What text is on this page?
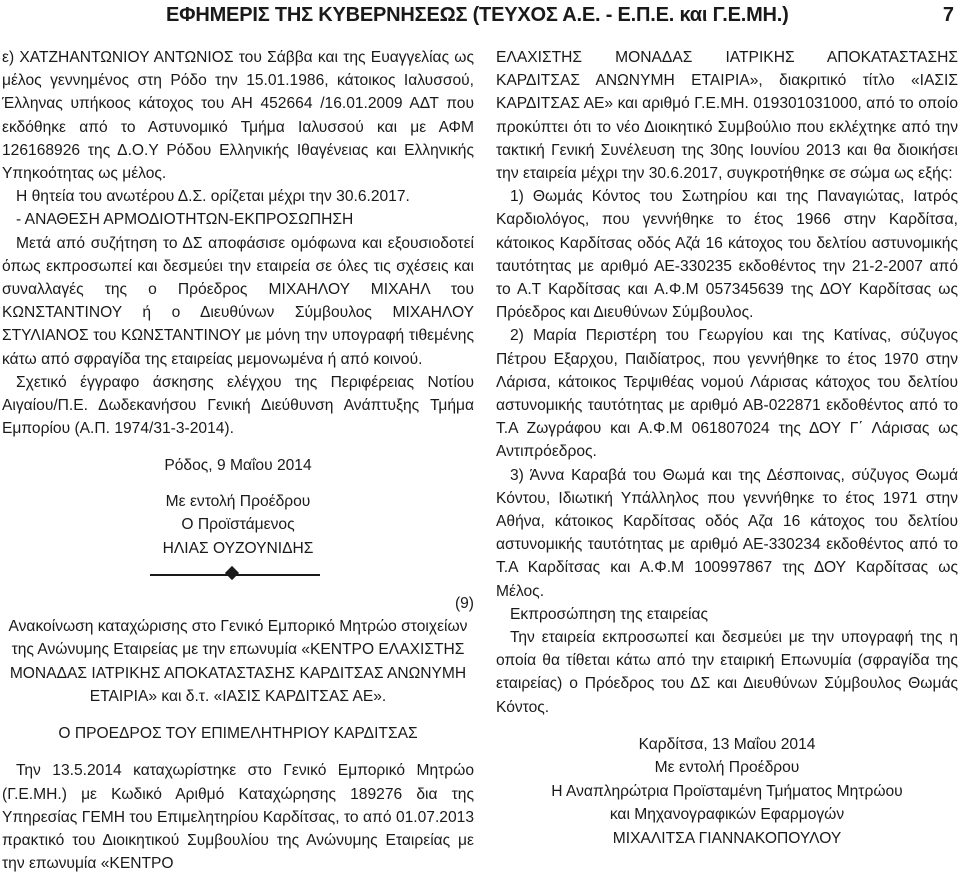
ΕΦΗΜΕΡΙΣ ΤΗΣ ΚΥΒΕΡΝΗΣΕΩΣ (ΤΕΥΧΟΣ Α.Ε. - Ε.Π.Ε. και Γ.Ε.ΜΗ.)	7

ε) ΧΑΤΖΗΑΝΤΩΝΙΟΥ ΑΝΤΩΝΙΟΣ του Σάββα και της Ευαγγελίας ως μέλος γεννημένος στη Ρόδο την 15.01.1986, κάτοικος Ιαλυσσού, Έλληνας υπήκοος κάτοχος του ΑΗ 452664 /16.01.2009 ΑΔΤ που εκδόθηκε από το Αστυνομικό Τμήμα Ιαλυσσού και με ΑΦΜ 126168926 της Δ.Ο.Υ Ρόδου Ελληνικής Ιθαγένειας και Ελληνικής Υπηκοότητας ως μέλος.

Η θητεία του ανωτέρου Δ.Σ. ορίζεται μέχρι την 30.6.2017.

- ΑΝΑΘΕΣΗ ΑΡΜΟΔΙΟΤΗΤΩΝ-ΕΚΠΡΟΣΩΠΗΣΗ

Μετά από συζήτηση το ΔΣ αποφάσισε ομόφωνα και εξουσιοδοτεί όπως εκπροσωπεί και δεσμεύει την εταιρεία σε όλες τις σχέσεις και συναλλαγές της ο Πρόεδρος ΜΙΧΑΗΛΟΥ ΜΙΧΑΗΛ του ΚΩΝΣΤΑΝΤΙΝΟΥ ή ο Διευθύνων Σύμβουλος ΜΙΧΑΗΛΟΥ ΣΤΥΛΙΑΝΟΣ του ΚΩΝΣΤΑΝΤΙΝΟΥ με μόνη την υπογραφή τιθεμένης κάτω από σφραγίδα της εταιρείας μεμονωμένα ή από κοινού.

Σχετικό έγγραφο άσκησης ελέγχου της Περιφέρειας Νοτίου Αιγαίου/Π.Ε. Δωδεκανήσου Γενική Διεύθυνση Ανάπτυξης Τμήμα Εμπορίου (Α.Π. 1974/31-3-2014).

Ρόδος, 9 Μαΐου 2014

Με εντολή Προέδρου

Ο Προϊστάμενος

ΗΛΙΑΣ ΟΥΖΟΥΝΙΔΗΣ

(9)

Ανακοίνωση καταχώρισης στο Γενικό Εμπορικό Μητρώο στοιχείων της Ανώνυμης Εταιρείας με την επωνυμία «ΚΕΝΤΡΟ ΕΛΑΧΙΣΤΗΣ ΜΟΝΑΔΑΣ ΙΑΤΡΙΚΗΣ ΑΠΟΚΑΤΑΣΤΑΣΗΣ ΚΑΡΔΙΤΣΑΣ ΑΝΩΝΥΜΗ ΕΤΑΙΡΙΑ» και δ.τ. «ΙΑΣΙΣ ΚΑΡΔΙΤΣΑΣ ΑΕ».

Ο ΠΡΟΕΔΡΟΣ ΤΟΥ ΕΠΙΜΕΛΗΤΗΡΙΟΥ ΚΑΡΔΙΤΣΑΣ

Την 13.5.2014 καταχωρίστηκε στο Γενικό Εμπορικό Μητρώο (Γ.Ε.ΜΗ.) με Κωδικό Αριθμό Καταχώρησης 189276 δια της Υπηρεσίας ΓΕΜΗ του Επιμελητηρίου Καρδίτσας, το από 01.07.2013 πρακτικό του Διοικητικού Συμβουλίου της Ανώνυμης Εταιρείας με την επωνυμία «ΚΕΝΤΡΟ

ΕΛΑΧΙΣΤΗΣ ΜΟΝΑΔΑΣ ΙΑΤΡΙΚΗΣ ΑΠΟΚΑΤΑΣΤΑΣΗΣ ΚΑΡΔΙΤΣΑΣ ΑΝΩΝΥΜΗ ΕΤΑΙΡΙΑ», διακριτικό τίτλο «ΙΑΣΙΣ ΚΑΡΔΙΤΣΑΣ ΑΕ» και αριθμό Γ.Ε.ΜΗ. 019301031000, από το οποίο προκύπτει ότι το νέο Διοικητικό Συμβούλιο που εκλέχτηκε από την τακτική Γενική Συνέλευση της 30ης Ιουνίου 2013 και θα διοικήσει την εταιρεία μέχρι την 30.6.2017, συγκροτήθηκε σε σώμα ως εξής:

1) Θωμάς Κόντος του Σωτηρίου και της Παναγιώτας, Ιατρός Καρδιολόγος, που γεννήθηκε το έτος 1966 στην Καρδίτσα, κάτοικος Καρδίτσας οδός Αζά 16 κάτοχος του δελτίου αστυνομικής ταυτότητας με αριθμό ΑΕ-330235 εκδοθέντος την 21-2-2007 από το Α.Τ Καρδίτσας και Α.Φ.Μ 057345639 της ΔΟΥ Καρδίτσας ως Πρόεδρος και Διευθύνων Σύμβουλος.

2) Μαρία Περιστέρη του Γεωργίου και της Κατίνας, σύζυγος Πέτρου Εξαρχου, Παιδίατρος, που γεννήθηκε το έτος 1970 στην Λάρισα, κάτοικος Τερψιθέας νομού Λάρισας κάτοχος του δελτίου αστυνομικής ταυτότητας με αριθμό ΑΒ-022871 εκδοθέντος από το Τ.Α Ζωγράφου και Α.Φ.Μ 061807024 της ΔΟΥ Γ΄ Λάρισας ως Αντιπρόεδρος.

3) Άννα Καραβά του Θωμά και της Δέσποινας, σύζυγος Θωμά Κόντου, Ιδιωτική Υπάλληλος που γεννήθηκε το έτος 1971 στην Αθήνα, κάτοικος Καρδίτσας οδός Αζα 16 κάτοχος του δελτίου αστυνομικής ταυτότητας με αριθμό ΑΕ-330234 εκδοθέντος από το Τ.Α Καρδίτσας και Α.Φ.Μ 100997867 της ΔΟΥ Καρδίτσας ως Μέλος.

Εκπροσώπηση της εταιρείας

Την εταιρεία εκπροσωπεί και δεσμεύει με την υπογραφή της η οποία θα τίθεται κάτω από την εταιρική Επωνυμία (σφραγίδα της εταιρείας) ο Πρόεδρος του ΔΣ και Διευθύνων Σύμβουλος Θωμάς Κόντος.

Καρδίτσα, 13 Μαΐου 2014

Με εντολή Προέδρου

Η Αναπληρώτρια Προϊσταμένη Τμήματος Μητρώου

και Μηχανογραφικών Εφαρμογών

ΜΙΧΑΛΙΤΣΑ ΓΙΑΝΝΑΚΟΠΟΥΛΟΥ
